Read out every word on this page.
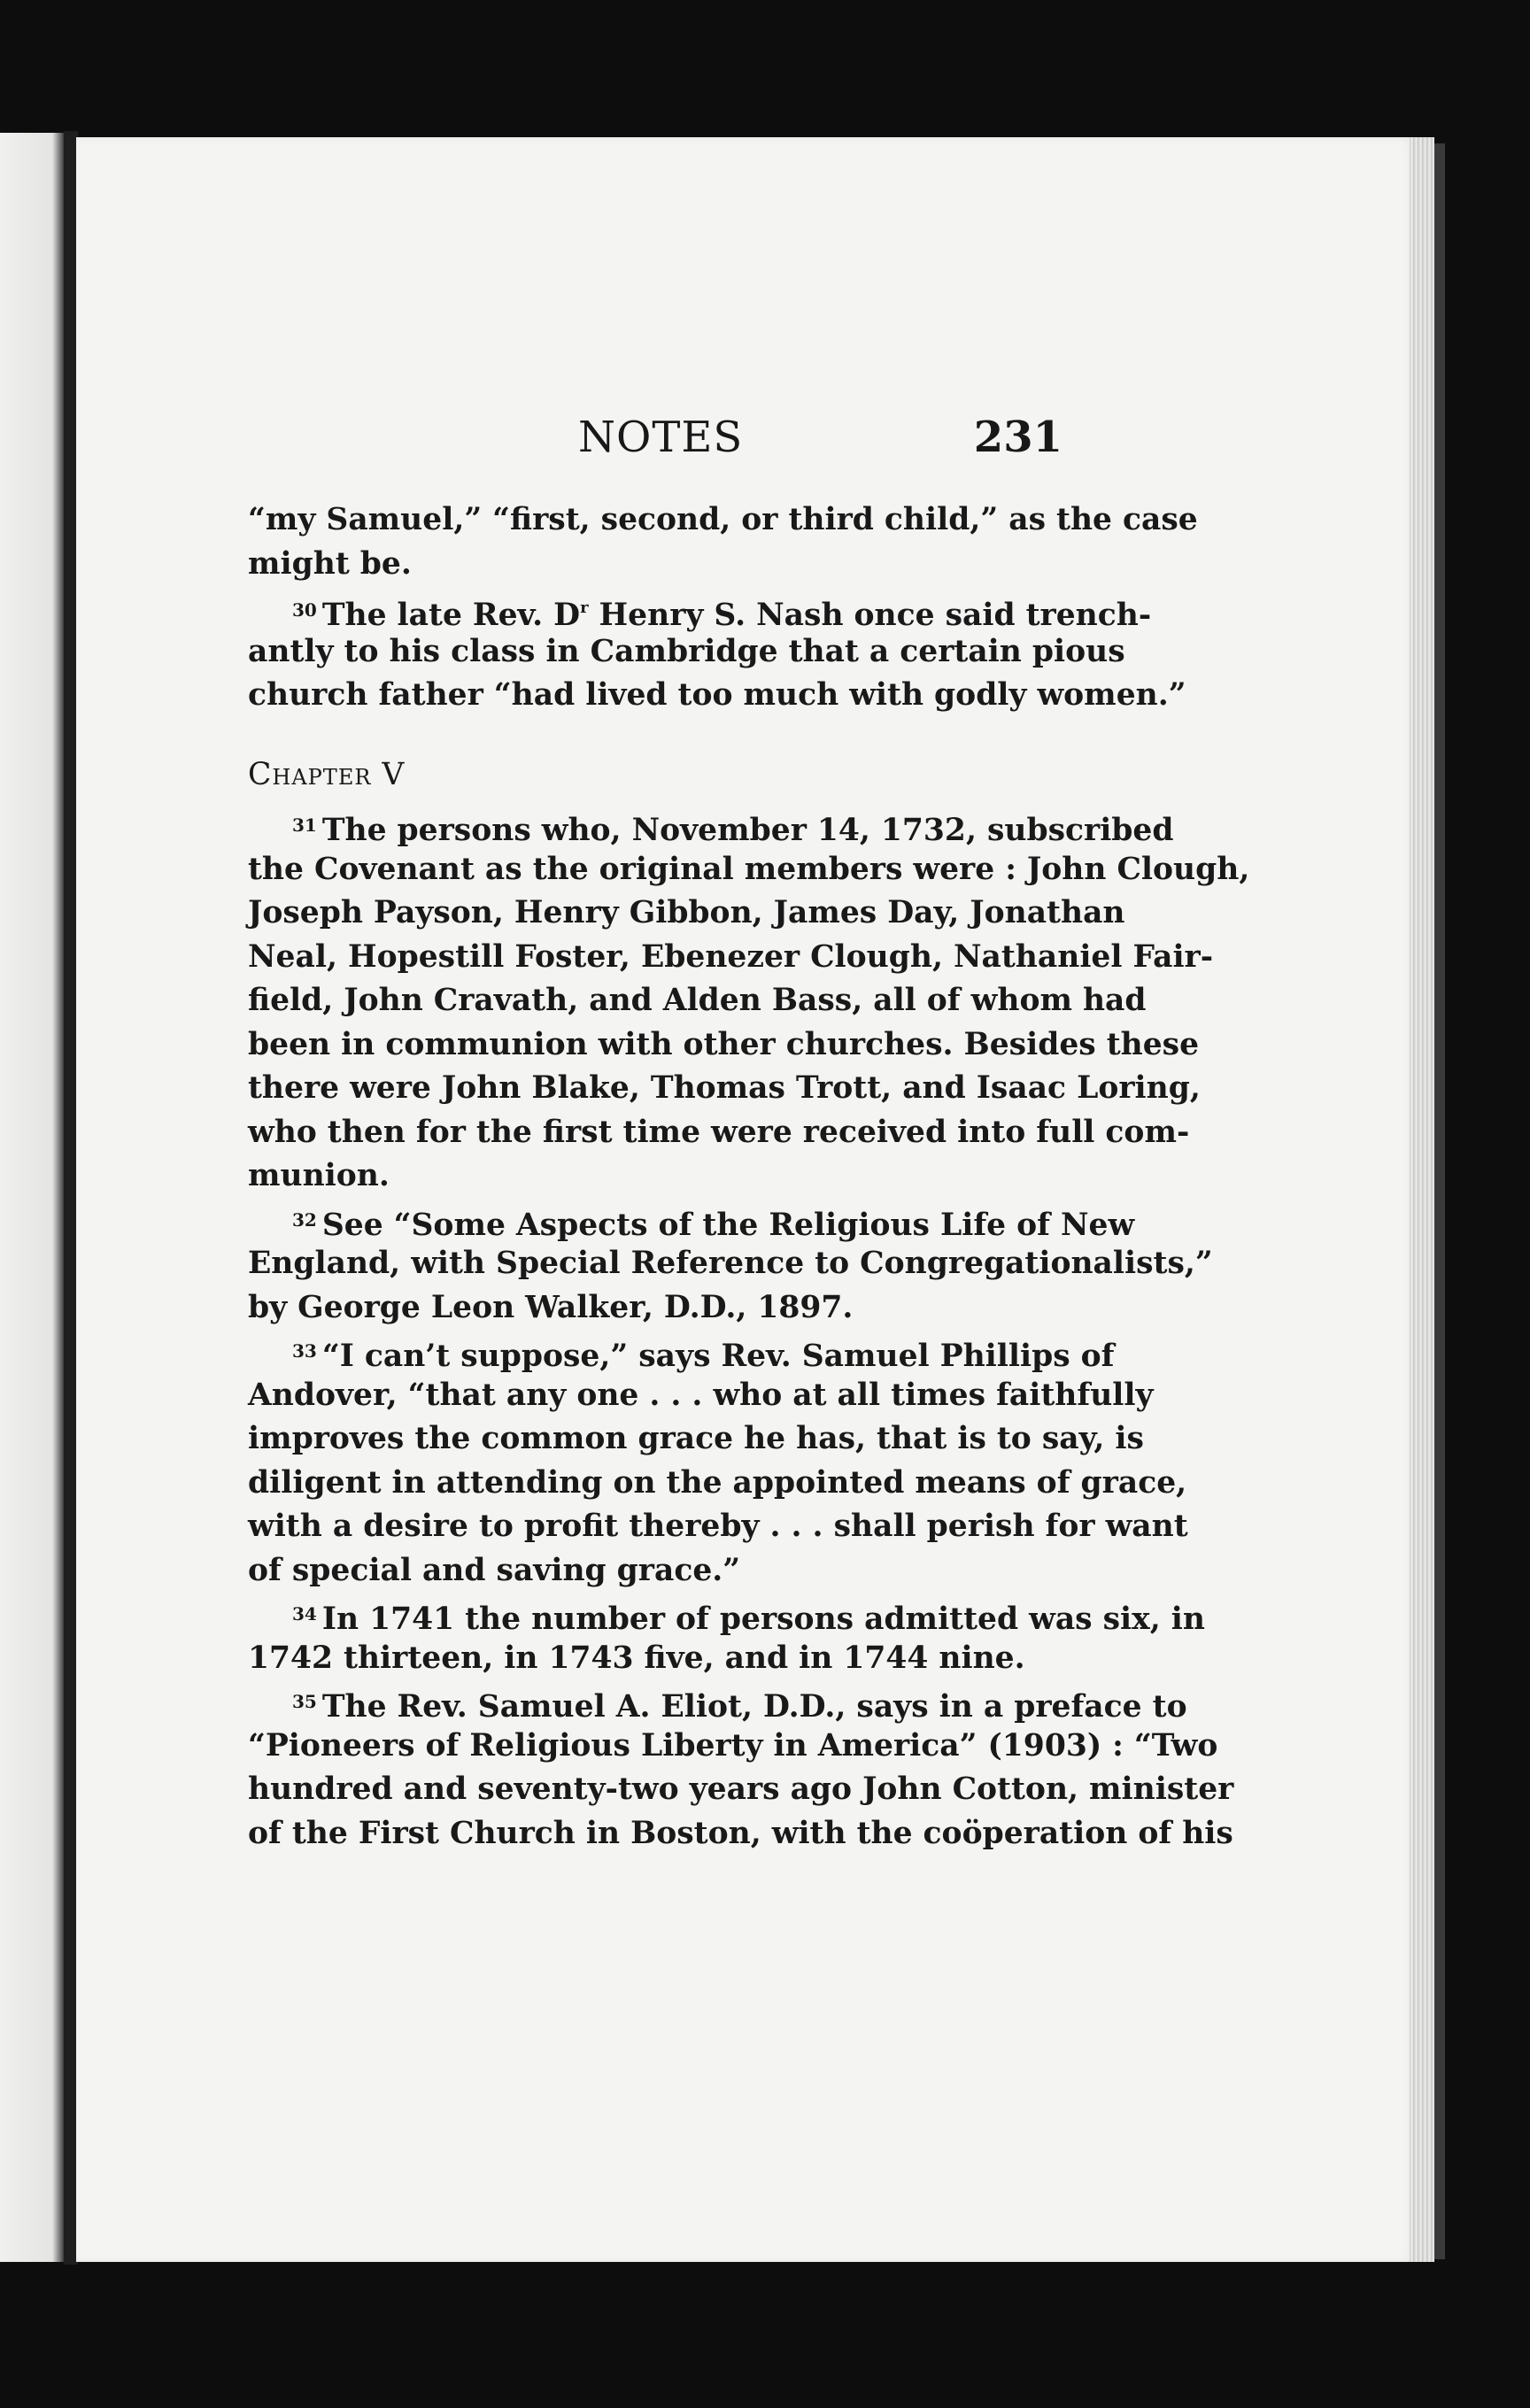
NOTES	231
“my Samuel,” “first, second, or third child,” as the case
might be.
$^{30}$ The late Rev. $D^r$ Henry S. Nash once said trench-
antly to his class in Cambridge that a certain pious
church father “had lived too much with godly women.”
Chapter V
$^{31}$ The persons who, November 14, 1732, subscribed
the Covenant as the original members were : John Clough,
Joseph Payson, Henry Gibbon, James Day, Jonathan
Neal, Hopestill Foster, Ebenezer Clough, Nathaniel Fair-
field, John Cravath, and Alden Bass, all of whom had
been in communion with other churches. Besides these
there were John Blake, Thomas Trott, and Isaac Loring,
who then for the first time were received into full com-
munion.
$^{32}$ See “Some Aspects of the Religious Life of New
England, with Special Reference to Congregationalists,”
by George Leon Walker, D.D., 1897.
$^{33}$ “I can’t suppose,” says Rev. Samuel Phillips of
Andover, “that any one . . . who at all times faithfully
improves the common grace he has, that is to say, is
diligent in attending on the appointed means of grace,
with a desire to profit thereby . . . shall perish for want
of special and saving grace.”
$^{34}$ In 1741 the number of persons admitted was six, in
1742 thirteen, in 1743 five, and in 1744 nine.
$^{35}$ The Rev. Samuel A. Eliot, D.D., says in a preface to
“Pioneers of Religious Liberty in America” (1903) : “Two
hundred and seventy-two years ago John Cotton, minister
of the First Church in Boston, with the coöperation of his
